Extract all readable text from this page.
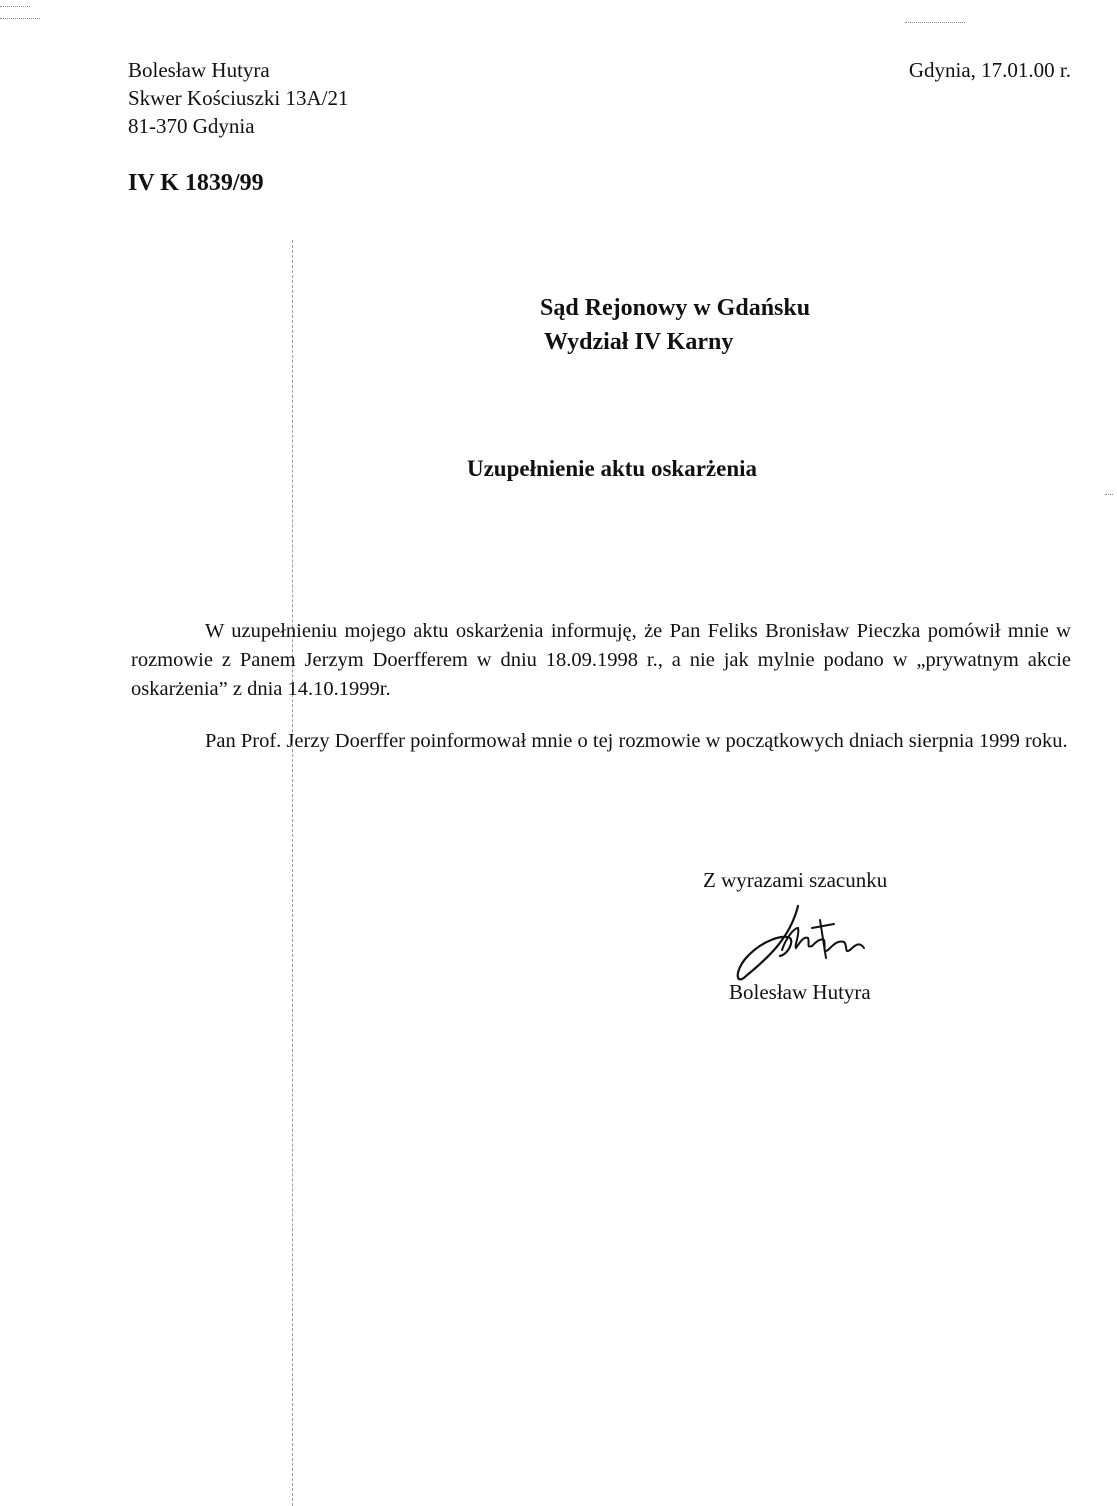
Bolesław Hutyra
Skwer Kościuszki 13A/21
81-370 Gdynia
Gdynia, 17.01.00 r.
IV K 1839/99
Sąd Rejonowy w Gdańsku
Wydział IV Karny
Uzupełnienie aktu oskarżenia

W uzupełnieniu mojego aktu oskarżenia informuję, że Pan Feliks Bronisław Pieczka pomówił mnie w rozmowie z Panem Jerzym Doerfferem w dniu 18.09.1998 r., a nie jak mylnie podano w „prywatnym akcie oskarżenia” z dnia 14.10.1999r.

Pan Prof. Jerzy Doerffer poinformował mnie o tej rozmowie w początkowych dniach sierpnia 1999 roku.

Z wyrazami szacunku
Bolesław Hutyra
